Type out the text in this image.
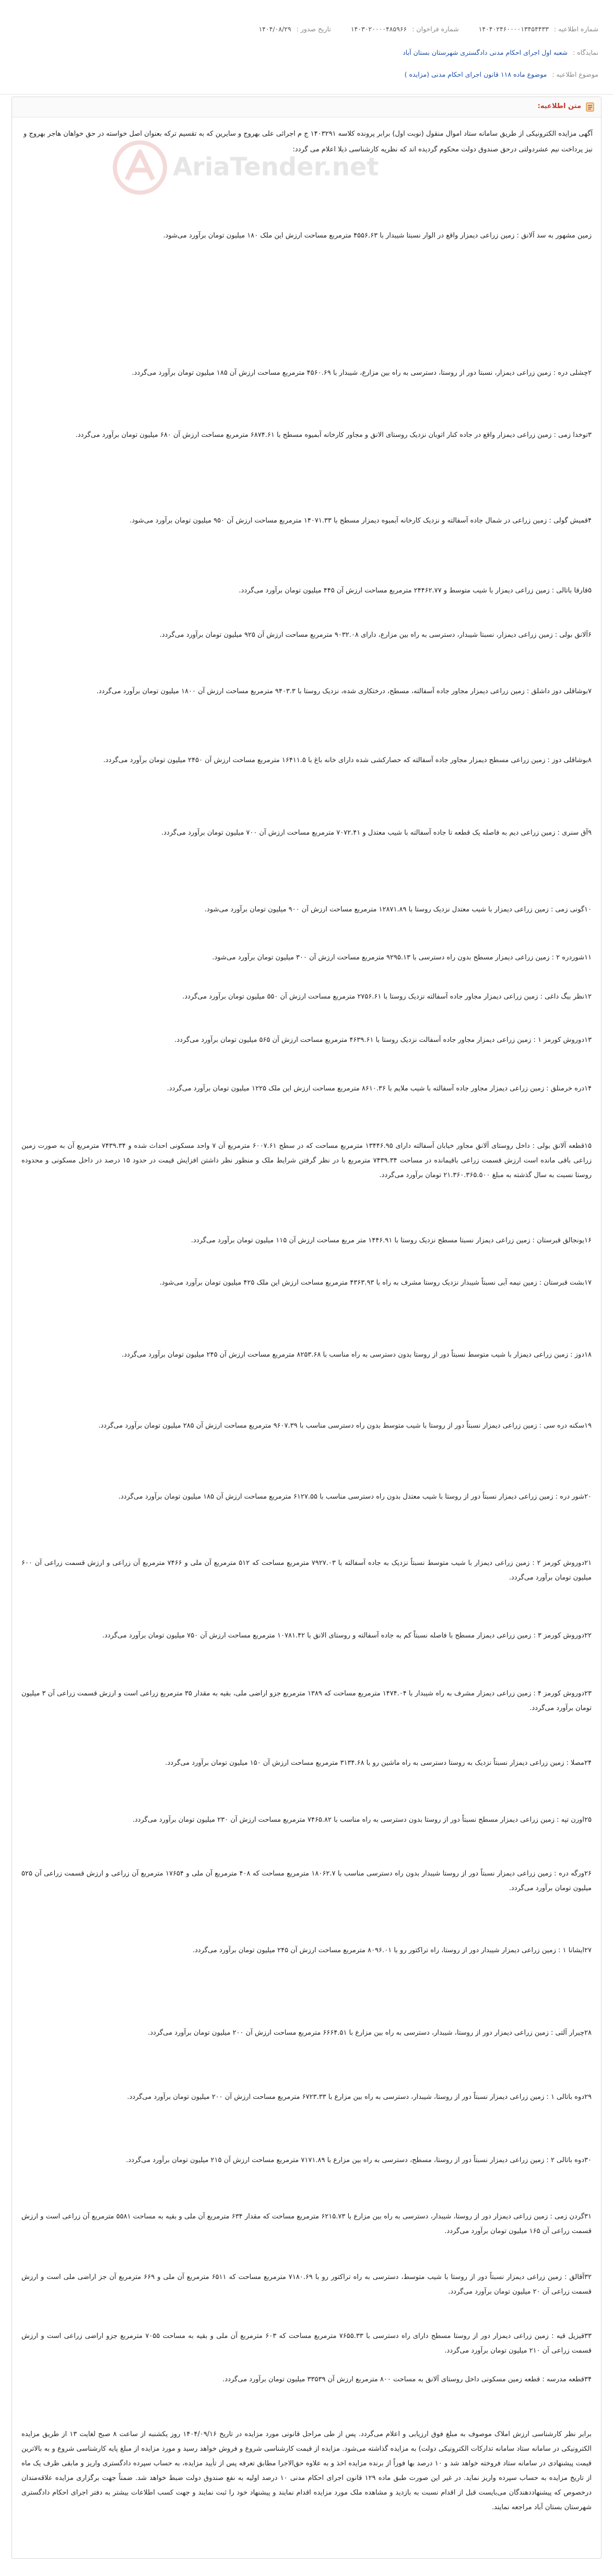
شماره اطلاعیه : ۱۴۰۴۰۲۴۶۰۰۰۰۱۳۴۵۴۴۳۳ شماره فراخوان : ۱۴۰۳۰۲۰۰۰۰۴۸۵۹۶۶ تاریخ صدور : ۱۴۰۴/۰۸/۲۹
نمایدگاه : شعبه اول اجرای احکام مدنی دادگستری شهرستان بستان آباد
موضوع اطلاعیه : موضوع ماده ۱۱۸ قانون اجرای احکام مدنی (مزایده )
متن اطلاعیه:
AriaTender.net
آگهی مزایده الکترونیکی از طریق سامانه ستاد اموال منقول (نوبت اول) برابر پرونده کلاسه ۱۴۰۳۲۹۱ ج م اجرائی علی بهروج و سایرین که به تقسیم ترکه بعنوان اصل خواسته در حق خواهان هاجر بهروج و نیز پرداخت نیم عشردولتی درحق صندوق دولت محکوم گردیده اند که نظریه کارشناسی ذیلا اعلام می گردد:
زمین مشهور به سد آلانق : زمین زراعی دیمزار واقع در الوار نسبتا شیبدار با ۴۵۵۶.۶۳ مترمربع مساحت ارزش این ملک ۱۸۰ میلیون تومان برآورد می‌شود.
۲چشلی دره : زمین زراعی دیمزار، نسبتا دور از روستا، دسترسی به راه بین مزارع، شیبدار با ۴۵۶۰.۶۹ مترمربع مساحت ارزش آن ۱۸۵ میلیون تومان برآورد می‌گردد.
۳توخدا زمی : زمین زراعی دیمزار واقع در جاده کنار اتوبان نزدیک روستای الانق و مجاور کارخانه آبمیوه مسطح با ۶۸۷۴.۶۱ مترمربع مساحت ارزش آن ۶۸۰ میلیون تومان برآورد می‌گردد.
۴قمیش گولی : زمین زراعی در شمال جاده آسفالته و نزدیک کارخانه آبمیوه دیمزار مسطح با ۱۴۰۷۱.۳۳ مترمربع مساحت ارزش آن ۹۵۰ میلیون تومان برآورد می‌شود.
۵قارقا باتالی : زمین زراعی دیمزار با شیب متوسط و ۲۴۴۶۲.۷۷ مترمربع مساحت ارزش آن ۴۴۵ میلیون تومان برآورد می‌گردد.
۶آلانق بولی : زمین زراعی دیمزار، نسبتا شیبدار، دسترسی به راه بین مزارع، دارای ۹۰۳۲.۰۸ مترمربع مساحت ارزش آن ۹۲۵ میلیون تومان برآورد می‌گردد.
۷بوشاقلی دوز داشلق : زمین زراعی دیمزار مجاور جاده آسفالته، مسطح، درختکاری شده، نزدیک روستا با ۹۴۰۳.۳ مترمربع مساحت ارزش آن ۱۸۰۰ میلیون تومان برآورد می‌گردد.
۸بوشاقلی دوز : زمین زراعی مسطح دیمزار مجاور جاده آسفالته که حصارکشی شده دارای خانه باغ با ۱۶۴۱۱.۵ مترمربع مساحت ارزش آن ۲۴۵۰ میلیون تومان برآورد می‌گردد.
۹آق سنری : زمین زراعی دیم به فاصله یک قطعه تا جاده آسفالته با شیب معتدل و ۷۰۷۲.۴۱ مترمربع مساحت ارزش آن ۷۰۰ میلیون تومان برآورد می‌گردد.
۱۰گونی زمی : زمین زراعی دیمزار با شیب معتدل نزدیک روستا با ۱۲۸۷۱.۸۹ مترمربع مساحت ارزش آن ۹۰۰ میلیون تومان برآورد می‌شود.
۱۱شوردره ۲ : زمین زراعی دیمزار مسطح بدون راه دسترسی با ۹۲۹۵.۱۳ مترمربع مساحت ارزش آن ۳۰۰ میلیون تومان برآورد می‌شود.
۱۲نظر بیگ داغی : زمین زراعی دیمزار مجاور جاده آسفالته نزدیک روستا با ۲۷۵۶.۶۱ مترمربع مساحت ارزش آن ۵۵۰ میلیون تومان برآورد می‌گردد.
۱۳دوروش کورمز ۱ : زمین زراعی دیمزار مجاور جاده آسفالت نزدیک روستا با ۴۶۳۹.۶۱ مترمربع مساحت ارزش آن ۵۶۵ میلیون تومان برآورد می‌گردد.
۱۴دره خرمنلق : زمین زراعی دیمزار مجاور جاده آسفالته با شیب ملایم با ۸۶۱۰.۳۶ مترمربع مساحت ارزش این ملک ۱۲۲۵ میلیون تومان برآورد می‌گردد.
۱۵قطعه آلانق بولی : داخل روستای آلانق مجاور خیابان آسفالته دارای ۱۳۴۴۶.۹۵ مترمربع مساحت که در سطح ۶۰۰۷.۶۱ مترمربع آن ۷ واحد مسکونی احداث شده و ۷۴۳۹.۳۴ مترمربع آن به صورت زمین زراعی باقی مانده است ارزش قسمت زراعی باقیمانده در مساحت ۷۴۳۹.۳۴ مترمربع با در نظر گرفتن شرایط ملک و منظور نظر داشتن افزایش قیمت در حدود ۱۵ درصد در داخل مسکونی و محدوده روستا نسبت به سال گذشته به مبلغ ۲۱.۳۶۰.۳۶۵.۵۰۰ تومان برآورد می‌گردد.
۱۶یونجالق قبرستان : زمین زراعی دیمزار نسبتا مسطح نزدیک روستا با ۱۴۴۶.۹۱ متر مربع مساحت ارزش آن ۱۱۵ میلیون تومان برآورد می‌گردد.
۱۷بشت قبرستان : زمین نیمه آبی نسبتاً شیبدار نزدیک روستا مشرف به راه با ۴۳۶۳.۹۳ مترمربع مساحت ارزش این ملک ۴۲۵ میلیون تومان برآورد می‌شود.
۱۸دوز : زمین زراعی دیمزار با شیب متوسط نسبتاً دور از روستا بدون دسترسی به راه مناسب با ۸۲۵۳.۶۸ مترمربع مساحت ارزش آن ۲۴۵ میلیون تومان برآورد می‌گردد.
۱۹سکنه دره سی : زمین زراعی دیمزار نسبتاً دور از روستا با شیب متوسط بدون راه دسترسی مناسب با ۹۶۰۷.۳۹ مترمربع مساحت ارزش آن ۲۸۵ میلیون تومان برآورد می‌گردد.
۲۰شور دره : زمین زراعی دیمزار نسبتاً دور از روستا با شیب معتدل بدون راه دسترسی مناسب با ۶۱۲۷.۵۵ مترمربع مساحت ارزش آن ۱۸۵ میلیون تومان برآورد می‌گردد.
۲۱دوروش کورمز ۲ : زمین زراعی دیمزار با شیب متوسط نسبتاً نزدیک به جاده آسفالته با ۷۹۲۷.۰۳ مترمربع مساحت که ۵۱۲ مترمربع آن ملی و ۷۴۶۶ مترمربع آن زراعی و ارزش قسمت زراعی آن ۶۰۰ میلیون تومان برآورد می‌گردد.
۲۲دوروش کورمز ۳ : زمین زراعی دیمزار مسطح با فاصله نسبتاً کم به جاده آسفالته و روستای الانق با ۱۰۷۸۱.۴۲ مترمربع مساحت ارزش آن ۷۵۰ میلیون تومان برآورد می‌گردد.
۲۳دوروش کورمز ۴ : زمین زراعی دیمزار مشرف به راه شیبدار با ۱۴۷۴.۰۴ مترمربع مساحت که ۱۳۸۹ مترمربع جزو اراضی ملی، بقیه به مقدار ۳۵ مترمربع زراعی است و ارزش قسمت زراعی آن ۳ میلیون تومان برآورد می‌گردد.
۲۴مصلا : زمین زراعی دیمزار نسبتاً نزدیک به روستا دسترسی به راه ماشین رو با ۳۱۳۴.۶۸ مترمربع مساحت ارزش آن ۱۵۰ میلیون تومان برآورد می‌گردد.
۲۵اورن تپه : زمین زراعی دیمزار مسطح نسبتاً دور از روستا بدون دسترسی به راه مناسب با ۷۴۶۵.۸۲ مترمربع مساحت ارزش آن ۲۳۰ میلیون تومان برآورد می‌گردد.
۲۶ورگه دره : زمین زراعی دیمزار نسبتاً دور از روستا شیبدار بدون راه دسترسی مناسب با ۱۸۰۶۲.۷ مترمربع مساحت که ۴۰۸ مترمربع آن ملی و ۱۷۶۵۴ مترمربع آن زراعی و ارزش قسمت زراعی آن ۵۲۵ میلیون تومان برآورد می‌گردد.
۲۷ایشانا ۱ : زمین زراعی دیمزار شیبدار دور از روستا، راه تراکتور رو با ۸۰۹۶.۰۱ مترمربع مساحت ارزش آن ۲۴۵ میلیون تومان برآورد می‌گردد.
۲۸چیرار آلتی : زمین زراعی دیمزار دور از روستا، شیبدار، دسترسی به راه بین مزارع با ۶۶۶۴.۵۱ مترمربع مساحت ارزش آن ۲۰۰ میلیون تومان برآورد می‌گردد.
۲۹دوه باتالی ۱ : زمین زراعی دیمزار نسبتاً دور از روستا، شیبدار، دسترسی به راه بین مزارع با ۶۷۲۳.۳۳ مترمربع مساحت ارزش آن ۲۰۰ میلیون تومان برآورد می‌گردد.
۳۰دوه باتالی ۲ : زمین زراعی دیمزار نسبتاً دور از روستا، مسطح، دسترسی به راه بین مزارع با ۷۱۷۱.۸۹ مترمربع مساحت ارزش آن ۲۱۵ میلیون تومان برآورد می‌گردد.
۳۱گردن زمی : زمین زراعی دیمزار دور از روستا، شیبدار، دسترسی به راه بین مزارع با ۶۲۱۵.۷۳ مترمربع مساحت که مقدار ۶۳۴ مترمربع آن ملی و بقیه به مساحت ۵۵۸۱ مترمربع آن زراعی است و ارزش قسمت زراعی آن ۱۶۵ میلیون تومان برآورد می‌گردد.
۳۲آقالق : زمین زراعی دیمزار نسبتاً دور از روستا با شیب متوسط، دسترسی به راه تراکتور رو با ۷۱۸۰.۶۹ مترمربع مساحت که ۶۵۱۱ مترمربع آن ملی و ۶۶۹ مترمربع آن جز اراضی ملی است و ارزش قسمت زراعی آن ۲۰ میلیون تومان برآورد می‌گردد.
۳۳قیزیل قیه : زمین زراعی دیمزار دور از روستا مسطح دارای راه دسترسی با ۷۶۵۵.۳۳ مترمربع مساحت که ۶۰۳ مترمربع آن ملی و بقیه به مساحت ۷۰۵۵ مترمربع جزو اراضی زراعی است و ارزش قسمت زراعی آن ۲۱۰ میلیون تومان برآورد می‌گردد.
۳۴قطعه مدرسه : قطعه زمین مسکونی داخل روستای آلانق به مساحت ۸۰۰ مترمربع ارزش آن ۳۳۵۳۹ میلیون تومان برآورد می‌گردد.
برابر نظر کارشناسی ارزش املاک موصوف به مبلغ فوق ارزیابی و اعلام می‌گردد. پس از طی مراحل قانونی مورد مزایده در تاریخ ۱۴۰۴/۰۹/۱۶ روز یکشنبه از ساعت ۸ صبح لغایت ۱۳ از طریق مزایده الکترونیکی در سامانه ستاد سامانه تدارکات الکترونیکی دولت) به مزایده گذاشته می‌شود. مزایده از قیمت کارشناسی شروع و فروش خواهد رسید و مورد مزایده از مبلغ پایه کارشناسی شروع و به بالاترین قیمت پیشنهادی در سامانه ستاد فروخته خواهد شد و ۱۰ درصد بها فوراً از برنده مزایده اخذ و به علاوه حق‌الاجرا مطابق تعرفه پس از تأیید مزایده، به حساب سپرده دادگستری واریز و مابقی ظرف یک ماه از تاریخ مزایده به حساب سپرده واریز نماید. در غیر این صورت طبق ماده ۱۲۹ قانون اجرای احکام مدنی ۱۰ درصد اولیه به نفع صندوق دولت ضبط خواهد شد. ضمناً جهت برگزاری مزایده علاقه‌مندان درخصوص که پیشنهاددهندگان می‌بایست قبل از اقدام نسبت به بازدید و مشاهده ملک مورد مزایده اقدام نمایند و پیشنهاد خود را ثبت نمایند و جهت کسب اطلاعات بیشتر به دفتر اجرای احکام دادگستری شهرستان بستان آباد مراجعه نمایند.
